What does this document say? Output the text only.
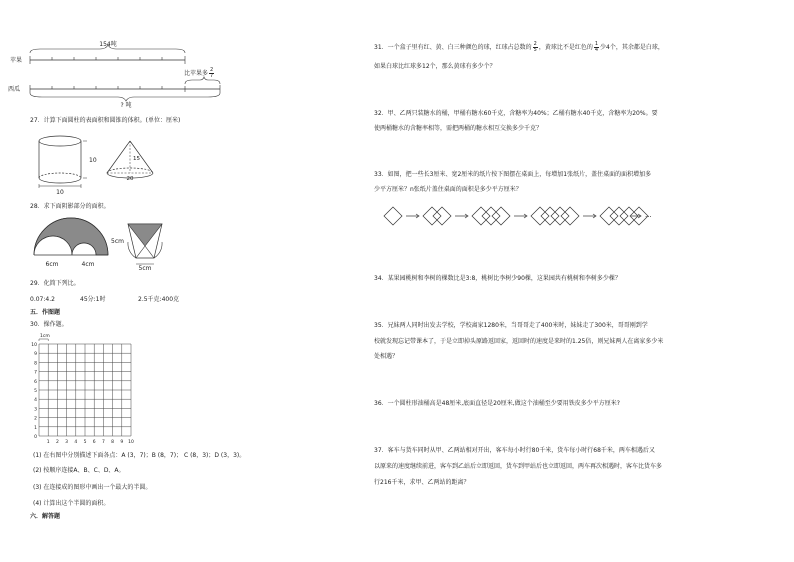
154吨
苹果
西瓜
? 吨
比苹果多 $\frac{2}{7}$
27．计算下面圆柱的表面积和圆锥的体积。(单位：厘米)
10
10
15
20
28．求下面阴影部分的面积。
6cm	4cm
5cm
5cm
29．化简下列比。
0.07:4.2	45分:1时	2.5千克:400克
五．作图题
30．操作题。
1cm
10
9
8
7
6
5
4
3
2
1
0
1 2 3 4 5 6 7 8 9 10
(1) 在右图中分别描述下面各点：A (3，7)；B (8，7)； C (8，3)；D (3，3)。
(2) 按顺序连接A、B、C、D、A。
(3) 在连接成的图形中画出一个最大的半圆。
(4) 计算出这个半圆的面积。
六．解答题
31．一个盒子里有红、黄、白三种颜色的球，红球占总数的 $\frac{2}{5}$ ，黄球比不是红色的 $\frac{1}{4}$ 少4个，其余都是白球，
如果白球比红球多12个，那么黄球有多少个？
32．甲、乙两只装糖水的桶，甲桶有糖水60千克，含糖率为40%；乙桶有糖水40千克，含糖率为20%。要
使两桶糖水的含糖率相等，需把两桶的糖水相互交换多少千克？
33．如图，把一些长3厘米、宽2厘米的纸片按下图摆在桌面上，每增加1张纸片，盖住桌面的面积增加多
少平方厘米？n张纸片盖住桌面的面积是多少平方厘米？
···
34．某果园桃树和李树的棵数比是3:8，桃树比李树少90棵，这果园共有桃树和李树多少棵？
35．兄妹两人同时出发去学校，学校离家1280米，当哥哥走了400米时，妹妹走了300米，哥哥刚到学
校就发现忘记带课本了，于是立即掉头原路返回家，返回时的速度是来时的1.25倍，则兄妹两人在离家多少米
处相遇？
36．一个圆柱形油桶高是48厘米,底面直径是20厘米,做这个油桶至少要用铁皮多少平方厘米?
37．客车与货车同时从甲、乙两站相对开出，客车每小时行80千米，货车每小时行68千米，两车相遇后又
以原来的速度继续前进，客车到乙站后立即返回，货车到甲站后也立即返回，两车再次相遇时，客车比货车多
行216千米，求甲、乙两站的距离？
